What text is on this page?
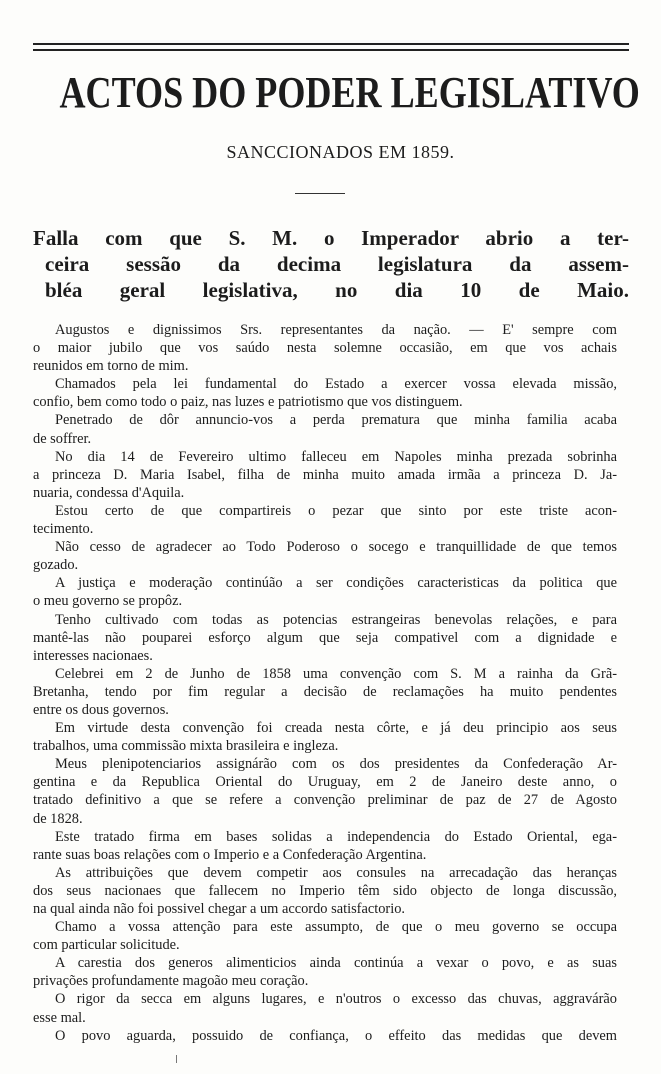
ACTOS DO PODER LEGISLATIVO
SANCCIONADOS EM 1859.
Falla com que S. M. o Imperador abrio a ter-
ceira sessão da decima legislatura da assem-
bléa geral legislativa, no dia 10 de Maio.
Augustos e dignissimos Srs. representantes da nação. — E' sempre com
o maior jubilo que vos saúdo nesta solemne occasião, em que vos achais
reunidos em torno de mim.
Chamados pela lei fundamental do Estado a exercer vossa elevada missão,
confio, bem como todo o paiz, nas luzes e patriotismo que vos distinguem.
Penetrado de dôr annuncio-vos a perda prematura que minha familia acaba
de soffrer.
No dia 14 de Fevereiro ultimo falleceu em Napoles minha prezada sobrinha
a princeza D. Maria Isabel, filha de minha muito amada irmãa a princeza D. Ja-
nuaria, condessa d'Aquila.
Estou certo de que compartireis o pezar que sinto por este triste acon-
tecimento.
Não cesso de agradecer ao Todo Poderoso o socego e tranquillidade de que temos
gozado.
A justiça e moderação continúão a ser condições caracteristicas da politica que
o meu governo se propôz.
Tenho cultivado com todas as potencias estrangeiras benevolas relações, e para
mantê-las não pouparei esforço algum que seja compativel com a dignidade e
interesses nacionaes.
Celebrei em 2 de Junho de 1858 uma convenção com S. M a rainha da Grã-
Bretanha, tendo por fim regular a decisão de reclamações ha muito pendentes
entre os dous governos.
Em virtude desta convenção foi creada nesta côrte, e já deu principio aos seus
trabalhos, uma commissão mixta brasileira e ingleza.
Meus plenipotenciarios assignárão com os dos presidentes da Confederação Ar-
gentina e da Republica Oriental do Uruguay, em 2 de Janeiro deste anno, o
tratado definitivo a que se refere a convenção preliminar de paz de 27 de Agosto
de 1828.
Este tratado firma em bases solidas a independencia do Estado Oriental, ega-
rante suas boas relações com o Imperio e a Confederação Argentina.
As attribuições que devem competir aos consules na arrecadação das heranças
dos seus nacionaes que fallecem no Imperio têm sido objecto de longa discussão,
na qual ainda não foi possivel chegar a um accordo satisfactorio.
Chamo a vossa attenção para este assumpto, de que o meu governo se occupa
com particular solicitude.
A carestia dos generos alimenticios ainda continúa a vexar o povo, e as suas
privações profundamente magoão meu coração.
O rigor da secca em alguns lugares, e n'outros o excesso das chuvas, aggravárão
esse mal.
O povo aguarda, possuido de confiança, o effeito das medidas que devem
